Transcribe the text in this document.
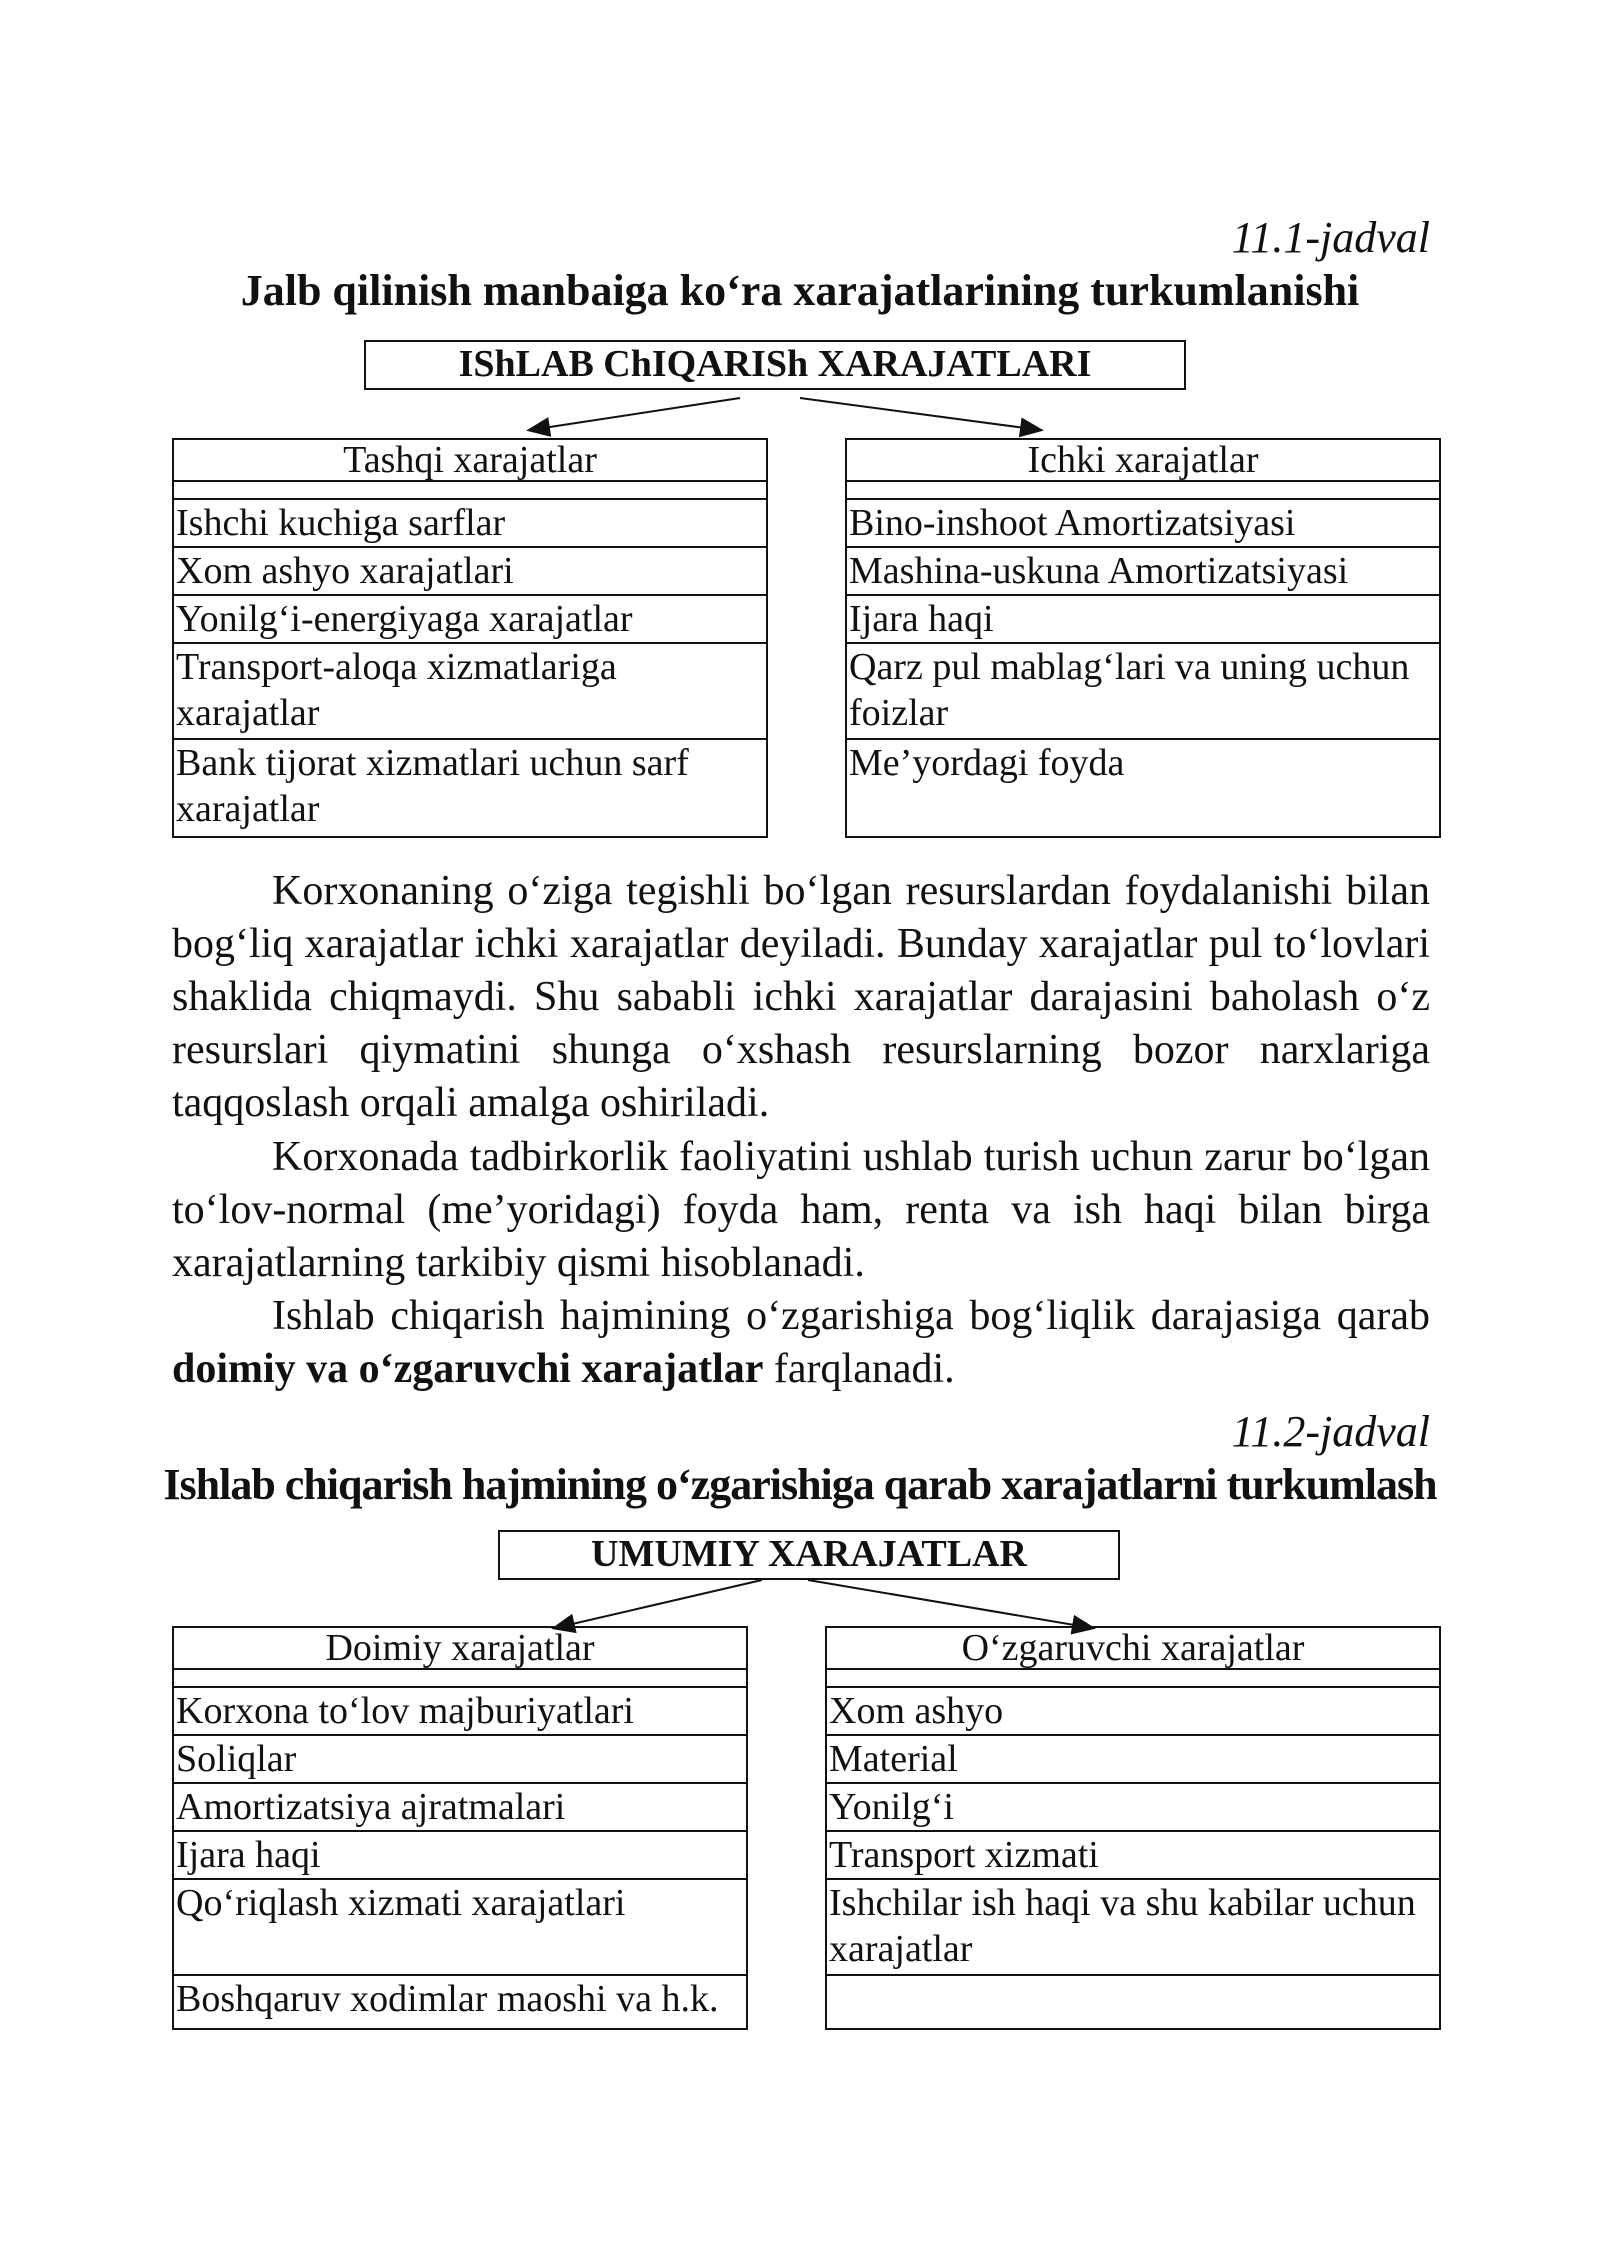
11.1-jadval
Jalb qilinish manbaiga ko‘ra xarajatlarining turkumlanishi
IShLAB ChIQARISh XARAJATLARI
Tashqi xarajatlar
Ishchi kuchiga sarflar
Xom ashyo xarajatlari
Yonilg‘i-energiyaga xarajatlar
Transport-aloqa xizmatlariga xarajatlar
Bank tijorat xizmatlari uchun sarf xarajatlar
Ichki xarajatlar
Bino-inshoot Amortizatsiyasi
Mashina-uskuna Amortizatsiyasi
Ijara haqi
Qarz pul mablag‘lari va uning uchun foizlar
Me’yordagi foyda

Korxonaning o‘ziga tegishli bo‘lgan resurslardan foydalanishi bilan bog‘liq xarajatlar ichki xarajatlar deyiladi. Bunday xarajatlar pul to‘lovlari shaklida chiqmaydi. Shu sababli ichki xarajatlar darajasini baholash o‘z resurslari qiymatini shunga o‘xshash resurslarning bozor narxlariga taqqoslash orqali amalga oshiriladi.

Korxonada tadbirkorlik faoliyatini ushlab turish uchun zarur bo‘lgan to‘lov-normal (me’yoridagi) foyda ham, renta va ish haqi bilan birga xarajatlarning tarkibiy qismi hisoblanadi.

Ishlab chiqarish hajmining o‘zgarishiga bog‘liqlik darajasiga qarab doimiy va o‘zgaruvchi xarajatlar farqlanadi.

11.2-jadval
Ishlab chiqarish hajmining o‘zgarishiga qarab xarajatlarni turkumlash
UMUMIY XARAJATLAR
Doimiy xarajatlar
Korxona to‘lov majburiyatlari
Soliqlar
Amortizatsiya ajratmalari
Ijara haqi
Qo‘riqlash xizmati xarajatlari
Boshqaruv xodimlar maoshi va h.k.
O‘zgaruvchi xarajatlar
Xom ashyo
Material
Yonilg‘i
Transport xizmati
Ishchilar ish haqi va shu kabilar uchun xarajatlar
